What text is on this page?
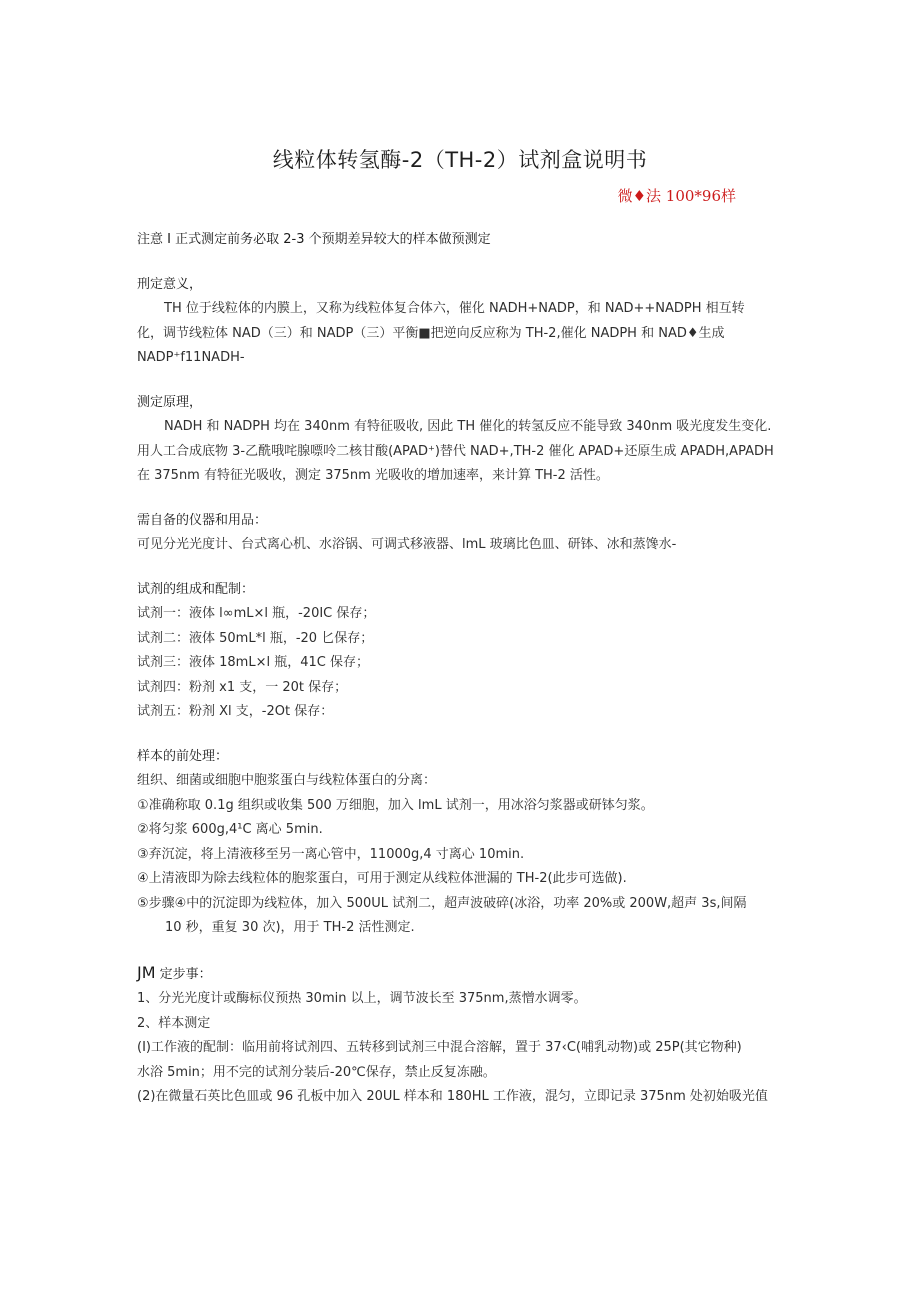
线粒体转氢酶-2（TH-2）试剂盒说明书
微♦法 100*96样

注意 I 正式测定前务必取 2-3 个预期差异较大的样本做预测定

刑定意义，

TH 位于线粒体的内膜上，又称为线粒体复合体六，催化 NADH+NADP，和 NAD++NADPH 相互转

化，调节线粒体 NAD（三）和 NADP（三）平衡■把逆向反应称为 TH-2,催化 NADPH 和 NAD♦生成

NADP⁺f11NADH-

测定原理，

NADH 和 NADPH 均在 340nm 有特征吸收, 因此 TH 催化的转氢反应不能导致 340nm 吸光度发生变化.

用人工合成底物 3-乙酰哦咤腺嘌呤二核甘酸(APAD⁺)替代 NAD+,TH-2 催化 APAD+还原生成 APADH,APADH

在 375nm 有特征光吸收，测定 375nm 光吸收的增加速率，来计算 TH-2 活性。

需自备的仪器和用品：

可见分光光度计、台式离心机、水浴锅、可调式移液器、lmL 玻璃比色皿、研钵、冰和蒸馋水-

试剂的组成和配制：

试剂一：液体 l∞mL×l 瓶，-20IC 保存；

试剂二：液体 50mL*l 瓶，-20 匕保存；

试剂三：液体 18mL×l 瓶，41C 保存；

试剂四：粉剂 x1 支，一 20t 保存；

试剂五：粉剂 Xl 支，-2Ot 保存：

样本的前处理：

组织、细菌或细胞中胞浆蛋白与线粒体蛋白的分离：

①准确称取 0.1g 组织或收集 500 万细胞，加入 lmL 试剂一，用冰浴匀浆器或研钵匀浆。

②将匀浆 600g,4¹C 离心 5min.

③弃沉淀，将上清液移至另一离心管中，11000g,4 寸离心 10min.

④上清液即为除去线粒体的胞浆蛋白，可用于测定从线粒体泄漏的 TH-2(此步可选做).

⑤步骤④中的沉淀即为线粒体，加入 500UL 试剂二，超声波破碎(冰浴，功率 20%或 200W,超声 3s,间隔

10 秒，重复 30 次)，用于 TH-2 活性测定.

JM 定步事：

1、分光光度计或酶标仪预热 30min 以上，调节波长至 375nm,蒸憎水调零。

2、样本测定

(I)工作液的配制：临用前将试剂四、五转移到试剂三中混合溶解，置于 37‹C(哺乳动物)或 25P(其它物种)

水浴 5min；用不完的试剂分装后-20℃保存，禁止反复冻融。

(2)在微量石英比色皿或 96 孔板中加入 20UL 样本和 180HL 工作液，混匀，立即记录 375nm 处初始吸光值
